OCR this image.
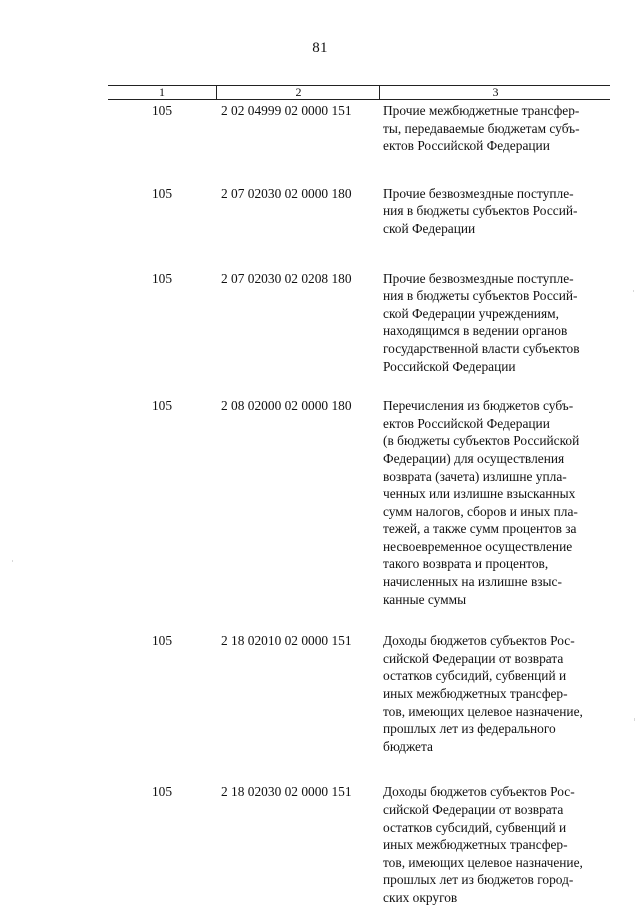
81
1	2	3
105	2 02 04999 02 0000 151	Прочие межбюджетные трансфер-
ты, передаваемые бюджетам субъ-
ектов Российской Федерации
105	2 07 02030 02 0000 180	Прочие безвозмездные поступле-
ния в бюджеты субъектов Россий-
ской Федерации
105	2 07 02030 02 0208 180	Прочие безвозмездные поступле-
ния в бюджеты субъектов Россий-
ской Федерации учреждениям,
находящимся в ведении органов
государственной власти субъектов
Российской Федерации
105	2 08 02000 02 0000 180	Перечисления из бюджетов субъ-
ектов Российской Федерации
(в бюджеты субъектов Российской
Федерации) для осуществления
возврата (зачета) излишне упла-
ченных или излишне взысканных
сумм налогов, сборов и иных пла-
тежей, а также сумм процентов за
несвоевременное осуществление
такого возврата и процентов,
начисленных на излишне взыс-
канные суммы
105	2 18 02010 02 0000 151	Доходы бюджетов субъектов Рос-
сийской Федерации от возврата
остатков субсидий, субвенций и
иных межбюджетных трансфер-
тов, имеющих целевое назначение,
прошлых лет из федерального
бюджета
105	2 18 02030 02 0000 151	Доходы бюджетов субъектов Рос-
сийской Федерации от возврата
остатков субсидий, субвенций и
иных межбюджетных трансфер-
тов, имеющих целевое назначение,
прошлых лет из бюджетов город-
ских округов
